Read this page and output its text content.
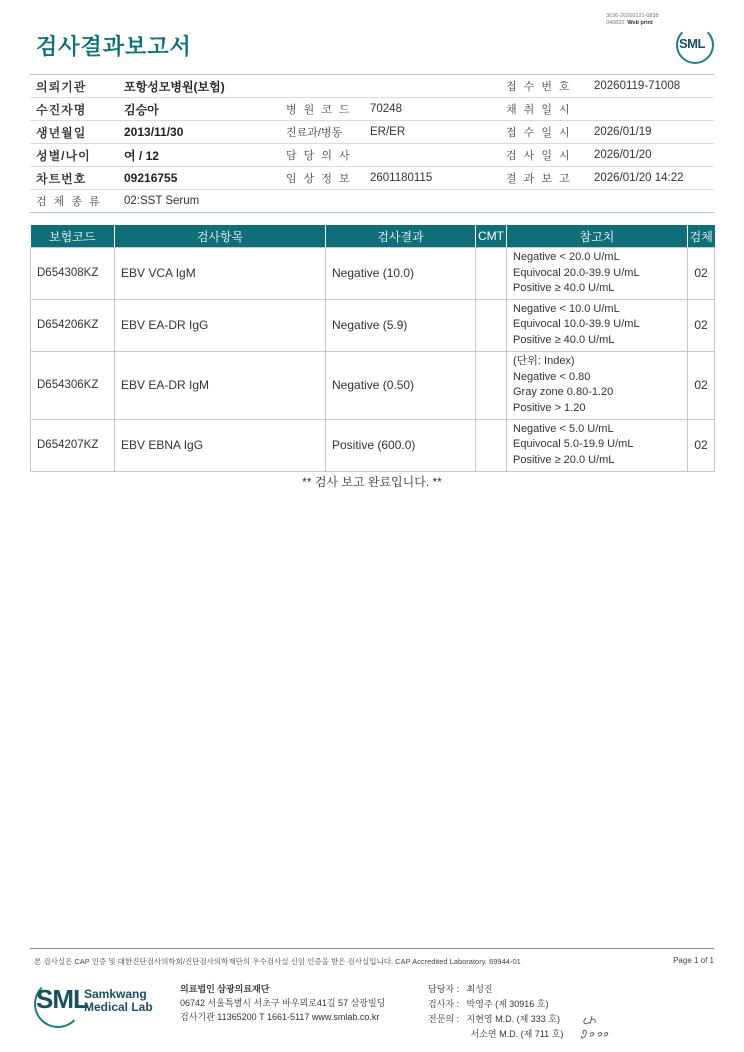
검사결과보고서
3036-20260121-0838
040822 Web print
SML
의뢰기관	포항성모병원(보험)			접 수 번 호	20260119-71008
수진자명	김승아	병 원 코 드	70248	채 취 일 시	
생년월일	2013/11/30	진료과/병동	ER/ER	접 수 일 시	2026/01/19
성별/나이	여 / 12	담 당 의 사		검 사 일 시	2026/01/20
차트번호	09216755	임 상 정 보	2601180115	결 과 보 고	2026/01/20 14:22
검 체 종 류	02:SST Serum				
보험코드	검사항목	검사결과	CMT	참고치	검체
D654308KZ	EBV VCA IgM	Negative (10.0)		Negative < 20.0 U/mL
Equivocal 20.0-39.9 U/mL
Positive ≥ 40.0 U/mL	02
D654206KZ	EBV EA-DR IgG	Negative (5.9)		Negative < 10.0 U/mL
Equivocal 10.0-39.9 U/mL
Positive ≥ 40.0 U/mL	02
D654306KZ	EBV EA-DR IgM	Negative (0.50)		(단위: Index)
Negative < 0.80
Gray zone 0.80-1.20
Positive > 1.20	02
D654207KZ	EBV EBNA IgG	Positive (600.0)		Negative < 5.0 U/mL
Equivocal 5.0-19.9 U/mL
Positive ≥ 20.0 U/mL	02
** 검사 보고 완료입니다. **
본 검사실은 CAP 인증 및 대한진단검사의학회/진단검사의학재단의 우수검사실 신임 인증을 받은 검사실입니다. CAP Accredited Laboratory. 69944-01	Page 1 of 1
SML
Samkwang
Medical Lab
의료법인 삼광의료재단
06742 서울특별시 서초구 바우뫼로41길 57 삼광빌딩
검사기관 11365200 T 1661-5117 www.smlab.co.kr
담당자 : 최성진
검사자 : 박영주 (제 30916 호)
전문의 : 지현영 M.D. (제 333 호)
서소연 M.D. (제 711 호)
